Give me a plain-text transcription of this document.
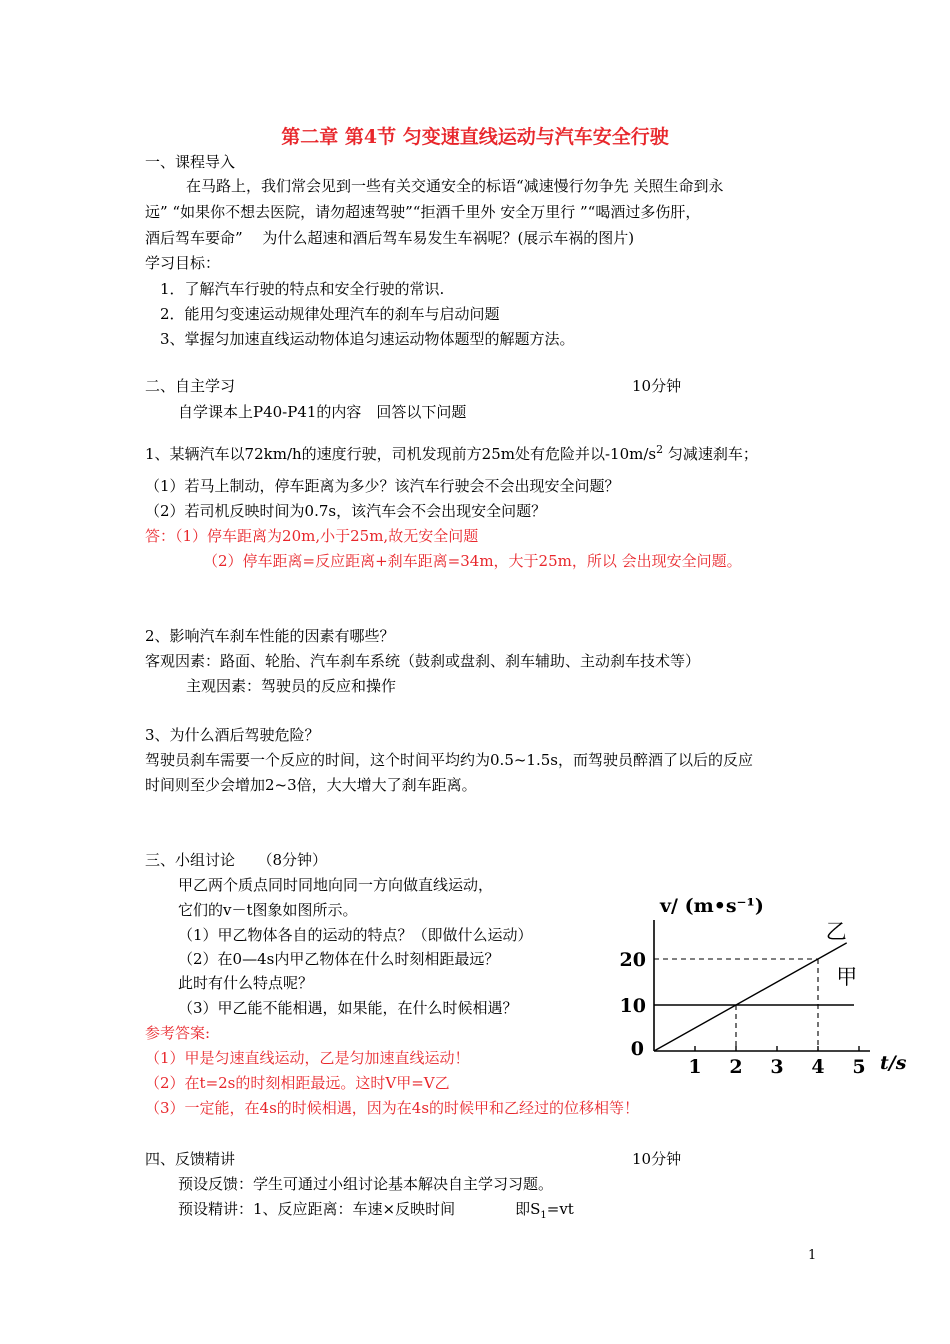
第二章 第4节 匀变速直线运动与汽车安全行驶
一、课程导入
在马路上，我们常会见到一些有关交通安全的标语“减速慢行勿争先 关照生命到永
远” “如果你不想去医院，请勿超速驾驶”“拒酒千里外 安全万里行 ”“喝酒过多伤肝，
酒后驾车要命”　 为什么超速和酒后驾车易发生车祸呢？(展示车祸的图片)
学习目标：
1．了解汽车行驶的特点和安全行驶的常识.
2．能用匀变速运动规律处理汽车的刹车与启动问题
3、掌握匀加速直线运动物体追匀速运动物体题型的解题方法。
二、自主学习	10分钟
自学课本上P40-P41的内容　回答以下问题
1、某辆汽车以72km/h的速度行驶，司机发现前方25m处有危险并以$-10m/s^2$ 匀减速刹车；
（1）若马上制动，停车距离为多少？该汽车行驶会不会出现安全问题？
（2）若司机反映时间为0.7s，该汽车会不会出现安全问题？
答：（1）停车距离为20m,小于25m,故无安全问题
（2）停车距离=反应距离+刹车距离=34m，大于25m，所以 会出现安全问题。
2、影响汽车刹车性能的因素有哪些？
客观因素：路面、轮胎、汽车刹车系统（鼓刹或盘刹、刹车辅助、主动刹车技术等）
主观因素：驾驶员的反应和操作
3、为什么酒后驾驶危险？
驾驶员刹车需要一个反应的时间，这个时间平均约为0.5~1.5s，而驾驶员醉酒了以后的反应
时间则至少会增加2~3倍，大大增大了刹车距离。
三、小组讨论　　（8分钟）
甲乙两个质点同时同地向同一方向做直线运动，
它们的v－t图象如图所示。
（1）甲乙物体各自的运动的特点？（即做什么运动）
（2）在0—4s内甲乙物体在什么时刻相距最远？
此时有什么特点呢？
（3）甲乙能不能相遇，如果能，在什么时候相遇？
参考答案:
（1）甲是匀速直线运动，乙是匀加速直线运动！
（2）在t=2s的时刻相距最远。这时V甲=V乙
（3）一定能，在4s的时候相遇，因为在4s的时候甲和乙经过的位移相等！
甲
乙
1 2 3 4 5
20
10
0
v/ (m•s⁻¹)
t/s
四、反馈精讲	10分钟
预设反馈：学生可通过小组讨论基本解决自主学习习题。
预设精讲：1、反应距离：车速×反映时间　　　　即$S_1=vt$
1
